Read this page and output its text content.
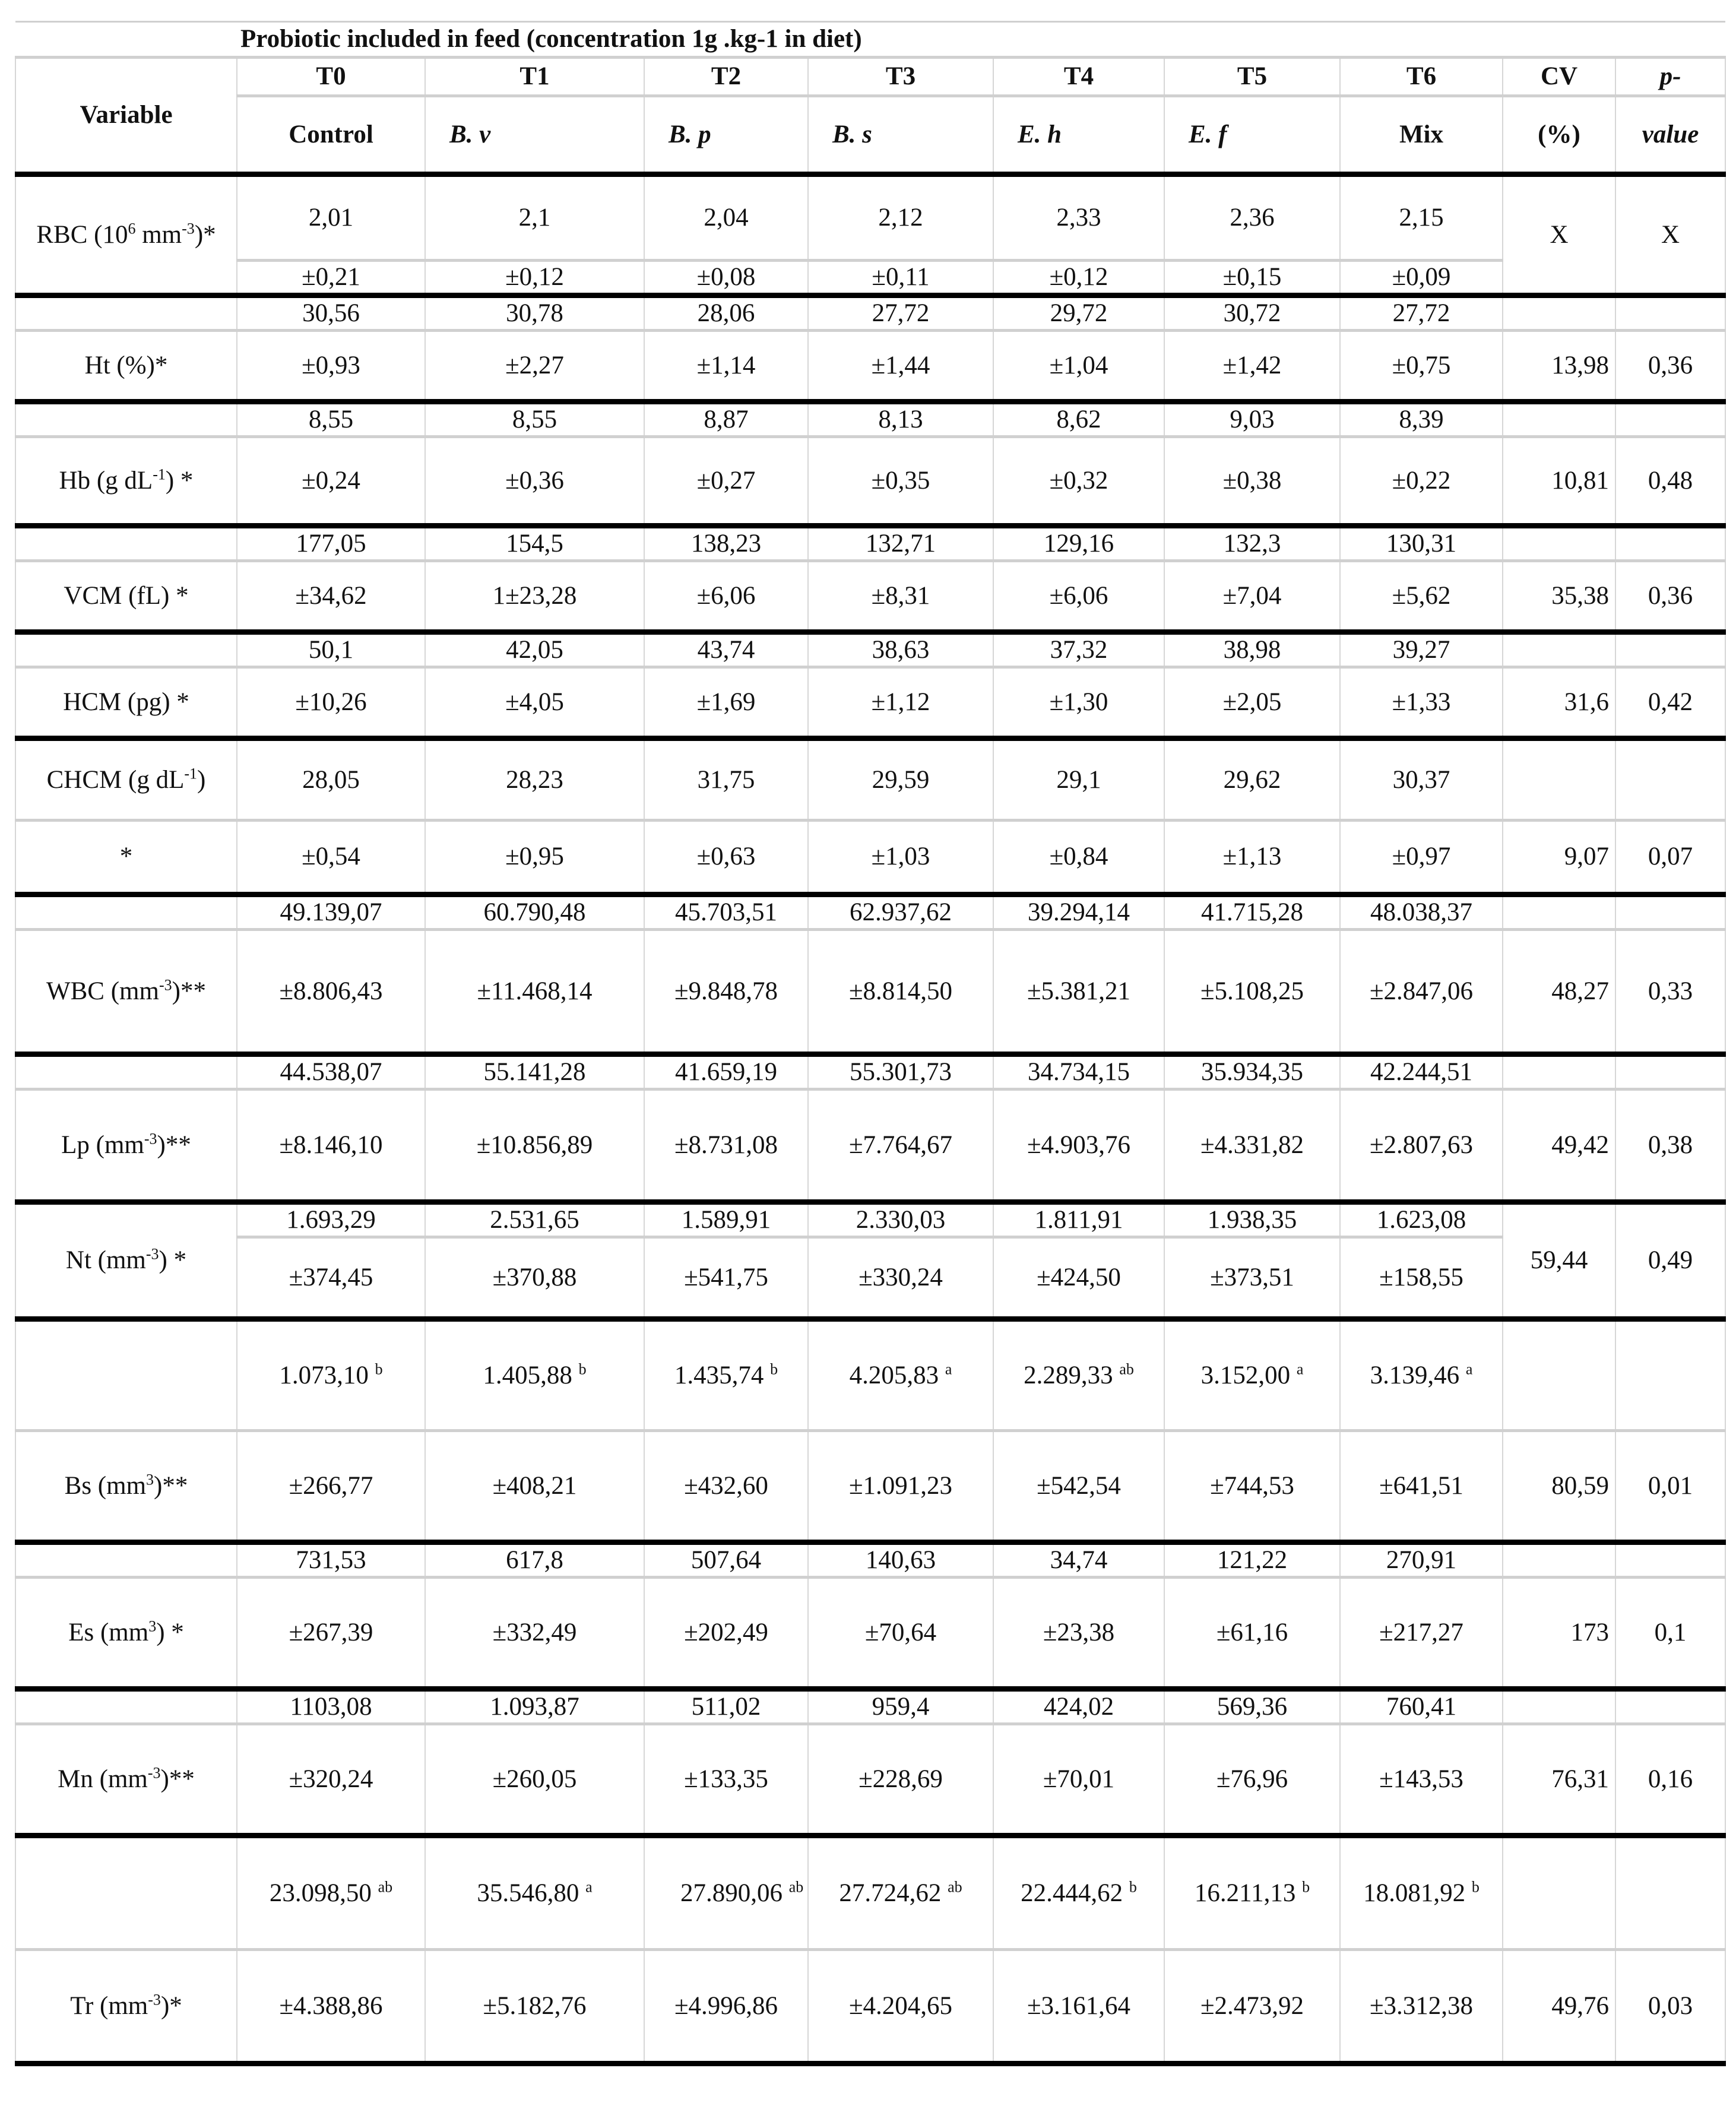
	Probiotic included in feed (concentration 1g .kg-1 in diet)								
Variable	T0	T1	T2	T3	T4	T5	T6	CV	p-
	Control	B. v	B. p	B. s	E. h	E. f	Mix	(%)	value
RBC ($10^6$ $mm^{-3})*$	2,01	2,1	2,04	2,12	2,33	2,36	2,15	X	X
	±0,21	±0,12	±0,08	±0,11	±0,12	±0,15	±0,09		
	30,56	30,78	28,06	27,72	29,72	30,72	27,72		
Ht (%)*	±0,93	±2,27	±1,14	±1,44	±1,04	±1,42	±0,75	13,98	0,36
	8,55	8,55	8,87	8,13	8,62	9,03	8,39		
Hb (g $dL^{-1}$) *	±0,24	±0,36	±0,27	±0,35	±0,32	±0,38	±0,22	10,81	0,48
	177,05	154,5	138,23	132,71	129,16	132,3	130,31		
VCM (fL) *	±34,62	1±23,28	±6,06	±8,31	±6,06	±7,04	±5,62	35,38	0,36
	50,1	42,05	43,74	38,63	37,32	38,98	39,27		
HCM (pg) *	±10,26	±4,05	±1,69	±1,12	±1,30	±2,05	±1,33	31,6	0,42
CHCM (g $dL^{-1}$)	28,05	28,23	31,75	29,59	29,1	29,62	30,37		
*	±0,54	±0,95	±0,63	±1,03	±0,84	±1,13	±0,97	9,07	0,07
	49.139,07	60.790,48	45.703,51	62.937,62	39.294,14	41.715,28	48.038,37		
WBC $(mm^{-3})**$	±8.806,43	±11.468,14	±9.848,78	±8.814,50	±5.381,21	±5.108,25	±2.847,06	48,27	0,33
	44.538,07	55.141,28	41.659,19	55.301,73	34.734,15	35.934,35	42.244,51		
Lp $(mm^{-3})**$	±8.146,10	±10.856,89	±8.731,08	±7.764,67	±4.903,76	±4.331,82	±2.807,63	49,42	0,38
Nt $(mm^{-3})$ *	1.693,29	2.531,65	1.589,91	2.330,03	1.811,91	1.938,35	1.623,08	59,44	0,49
	±374,45	±370,88	±541,75	±330,24	±424,50	±373,51	±158,55		
	1.073,10 $^b$	1.405,88 $^b$	1.435,74 $^b$	4.205,83 $^a$	2.289,33 $^{ab}$	3.152,00 $^a$	3.139,46 $^a$		
Bs $(mm^3)**$	±266,77	±408,21	±432,60	±1.091,23	±542,54	±744,53	±641,51	80,59	0,01
	731,53	617,8	507,64	140,63	34,74	121,22	270,91		
Es $(mm^3)$ *	±267,39	±332,49	±202,49	±70,64	±23,38	±61,16	±217,27	173	0,1
	1103,08	1.093,87	511,02	959,4	424,02	569,36	760,41		
Mn $(mm^{-3})**$	±320,24	±260,05	±133,35	±228,69	±70,01	±76,96	±143,53	76,31	0,16
	23.098,50 $^{ab}$	35.546,80 $^a$	27.890,06 $^{ab}$	27.724,62 $^{ab}$	22.444,62 $^b$	16.211,13 $^b$	18.081,92 $^b$		
Tr $(mm^{-3})*$	±4.388,86	±5.182,76	±4.996,86	±4.204,65	±3.161,64	±2.473,92	±3.312,38	49,76	0,03
